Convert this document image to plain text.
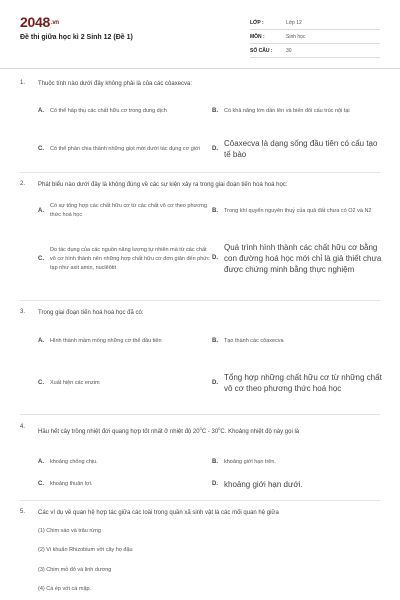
2048.vn
Đề thi giữa học kì 2 Sinh 12 (Đề 1)
LỚP :	Lớp 12
MÔN :	Sinh học
SỐ CÂU :	30
1. Thuộc tính nào dưới đây không phải là của các côaxecva:
A.	Có thể hấp thụ các chất hữu cơ trong dung dịch	B.	Có khả năng lớn dần lên và biến đổi cấu trúc nội tại
C.	Có thể phân chia thành những giọt mới dưới tác dụng cơ giới D.
Côaxecva là dạng sống đầu tiên có cấu tạo tế bào
2. Phát biểu nào dưới đây là không đúng về các sự kiện xảy ra trong giai đoạn tiến hoá hoá học:
A.
Có sự tổng hợp các chất hữu cơ từ các chất vô cơ theo phương thức hoá học
B.	Trong khí quyển nguyên thuỷ của quả đất chưa có O2 và N2
C.
Do tác dụng của các nguồn năng lượng tự nhiên mà từ các chất vô cơ hình thành nên những hợp chất hữu cơ đơn giản đến phức tạp như axit amin, nuclêôtit
D.
Quá trình hình thành các chất hữu cơ bằng con đường hoá học mới chỉ là giả thiết chưa được chứng minh bằng thực nghiệm
3. Trong giai đoạn tiến hoá hoá học đã có:
A.	Hình thành mầm mống những cơ thể đầu tiên	B.	Tạo thành các côaxecva
C.	Xuất hiện các enzim	D.
Tổng hợp những chất hữu cơ từ những chất vô cơ theo phương thức hoá học
4.
Hầu hết cây trồng nhiệt đới quang hợp tốt nhất ở nhiệt độ $20^0C - 30^0C$. Khoảng nhiệt độ này gọi là
A.	khoảng chống chịu.	B.	khoảng giới hạn trên.
C.	khoảng thuận lợi.	D. khoảng giới hạn dưới.
5. Các ví dụ về quan hệ hợp tác giữa các loài trong quần xã sinh vật là các mối quan hệ giữa
(1) Chim sáo và trâu rừng
(2) Vi khuẩn Rhizobium với cây họ đậu
(3) Chim mỏ đỏ và linh dương
(4) Cá ép với cá mập.
